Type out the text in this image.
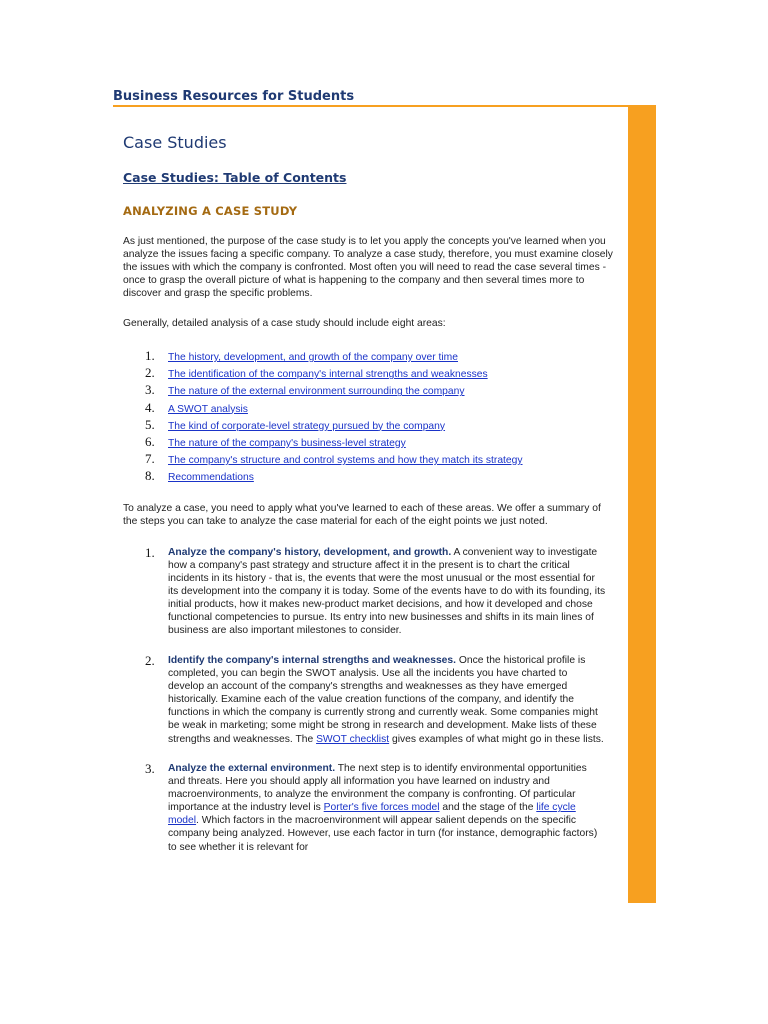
Business Resources for Students
Case Studies
Case Studies: Table of Contents
ANALYZING A CASE STUDY

As just mentioned, the purpose of the case study is to let you apply the concepts you've learned when you analyze the issues facing a specific company. To analyze a case study, therefore, you must examine closely the issues with which the company is confronted. Most often you will need to read the case several times - once to grasp the overall picture of what is happening to the company and then several times more to discover and grasp the specific problems.

Generally, detailed analysis of a case study should include eight areas:

1.	The history, development, and growth of the company over time
2.	The identification of the company's internal strengths and weaknesses
3.	The nature of the external environment surrounding the company
4.	A SWOT analysis
5.	The kind of corporate-level strategy pursued by the company
6.	The nature of the company's business-level strategy
7.	The company's structure and control systems and how they match its strategy
8.	Recommendations

To analyze a case, you need to apply what you've learned to each of these areas. We offer a summary of the steps you can take to analyze the case material for each of the eight points we just noted.

1.	Analyze the company's history, development, and growth. A convenient way to investigate how a company's past strategy and structure affect it in the present is to chart the critical incidents in its history - that is, the events that were the most unusual or the most essential for its development into the company it is today. Some of the events have to do with its founding, its initial products, how it makes new-product market decisions, and how it developed and chose functional competencies to pursue. Its entry into new businesses and shifts in its main lines of business are also important milestones to consider.
2.	Identify the company's internal strengths and weaknesses. Once the historical profile is completed, you can begin the SWOT analysis. Use all the incidents you have charted to develop an account of the company's strengths and weaknesses as they have emerged historically. Examine each of the value creation functions of the company, and identify the functions in which the company is currently strong and currently weak. Some companies might be weak in marketing; some might be strong in research and development. Make lists of these strengths and weaknesses. The SWOT checklist gives examples of what might go in these lists.
3.	Analyze the external environment. The next step is to identify environmental opportunities and threats. Here you should apply all information you have learned on industry and macroenvironments, to analyze the environment the company is confronting. Of particular importance at the industry level is Porter's five forces model and the stage of the life cycle model. Which factors in the macroenvironment will appear salient depends on the specific company being analyzed. However, use each factor in turn (for instance, demographic factors) to see whether it is relevant for
